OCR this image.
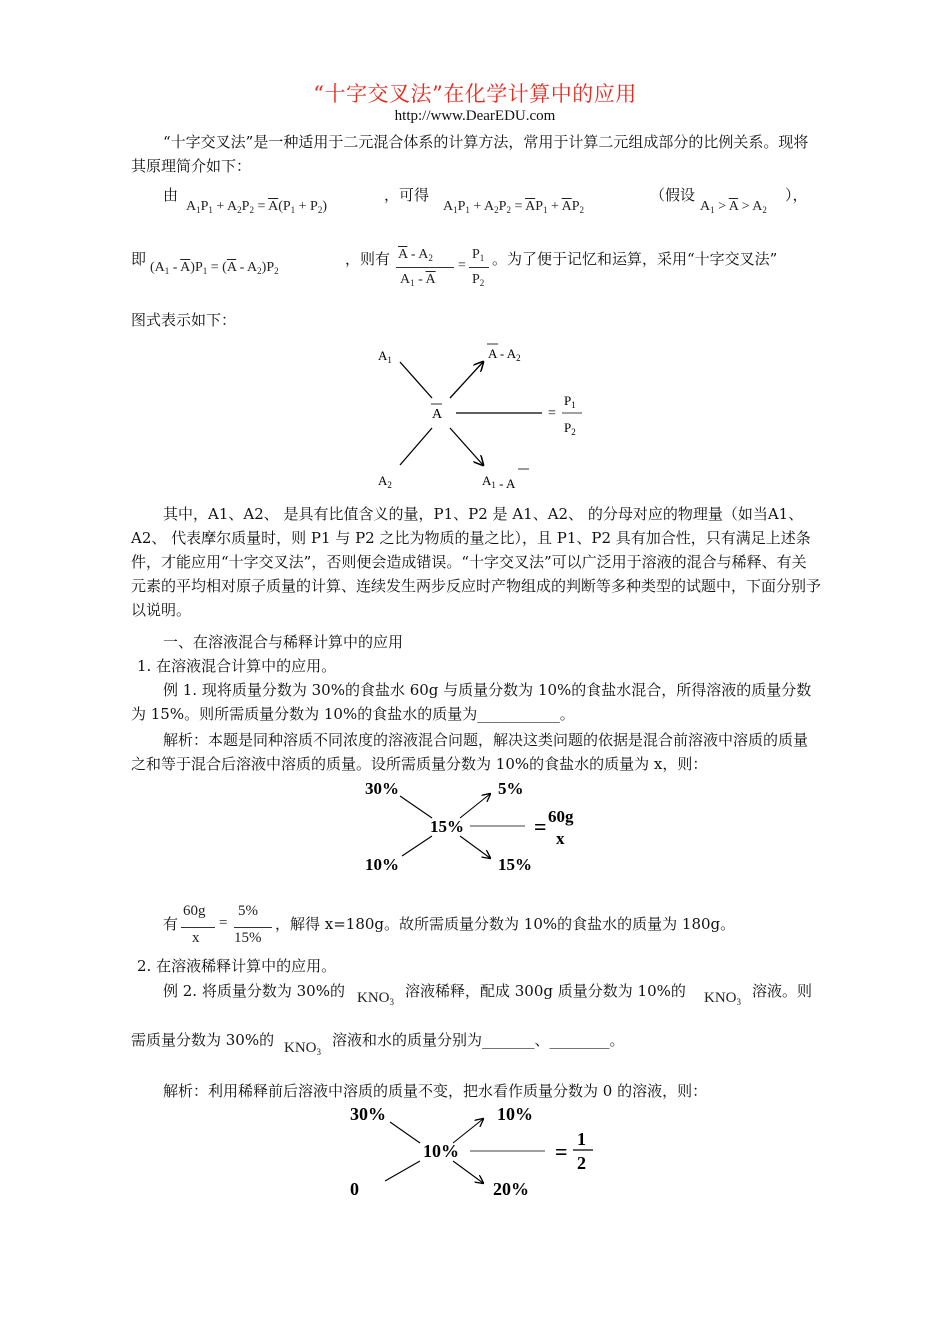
“十字交叉法”在化学计算中的应用
http://www.DearEDU.com
“十字交叉法”是一种适用于二元混合体系的计算方法，常用于计算二元组成部分的比例关系。现将其原理简介如下：
由
$A_1P_1 + A_2P_2 = \overline{A}(P_1 + P_2)$
，可得
$A_1P_1 + A_2P_2 = \overline{A}P_1 + \overline{A}P_2$
（假设
$A_1 > \overline{A} > A_2$
），
即 $(A_1 - \overline{A})P_1 = (\overline{A} - A_2)P_2$
，则有 $\overline{A} - A_2$
$A_1 - \overline{A}$
=
$P_1$
$P_2$
。为了便于记忆和运算，采用“十字交叉法”
图式表示如下：
$A_1$
A
A - $A_2$
=
$P_1$
$P_2$
$A_2$	$A_1$ - A
其中，A1、A2、 是具有比值含义的量，P1、P2 是 A1、A2、 的分母对应的物理量（如当A1、A2、 代表摩尔质量时，则 P1 与 P2 之比为物质的量之比），且 P1、P2 具有加合性，只有满足上述条件，才能应用“十字交叉法”，否则便会造成错误。“十字交叉法”可以广泛用于溶液的混合与稀释、有关元素的平均相对原子质量的计算、连续发生两步反应时产物组成的判断等多种类型的试题中，下面分别予以说明。
一、在溶液混合与稀释计算中的应用
1. 在溶液混合计算中的应用。
例 1. 现将质量分数为 30%的食盐水 60g 与质量分数为 10%的食盐水混合，所得溶液的质量分数为 15%。则所需质量分数为 10%的食盐水的质量为___________。
解析：本题是同种溶质不同浓度的溶液混合问题，解决这类问题的依据是混合前溶液中溶质的质量之和等于混合后溶液中溶质的质量。设所需质量分数为 10%的食盐水的质量为 x，则：
30%	5%
15%	= 60g
x
10%	15%
有
60g
x
=
5%
15%
，解得 x=180g。故所需质量分数为 10%的食盐水的质量为 180g。
2. 在溶液稀释计算中的应用。
例 2. 将质量分数为 30%的 $KNO_3$
溶液稀释，配成 300g 质量分数为 10%的 $KNO_3$
溶液。则
需质量分数为 30%的 $KNO_3$
溶液和水的质量分别为_______、________。
解析：利用稀释前后溶液中溶质的质量不变，把水看作质量分数为 0 的溶液，则：
30%	10%
10%	= 1
2
0	20%
